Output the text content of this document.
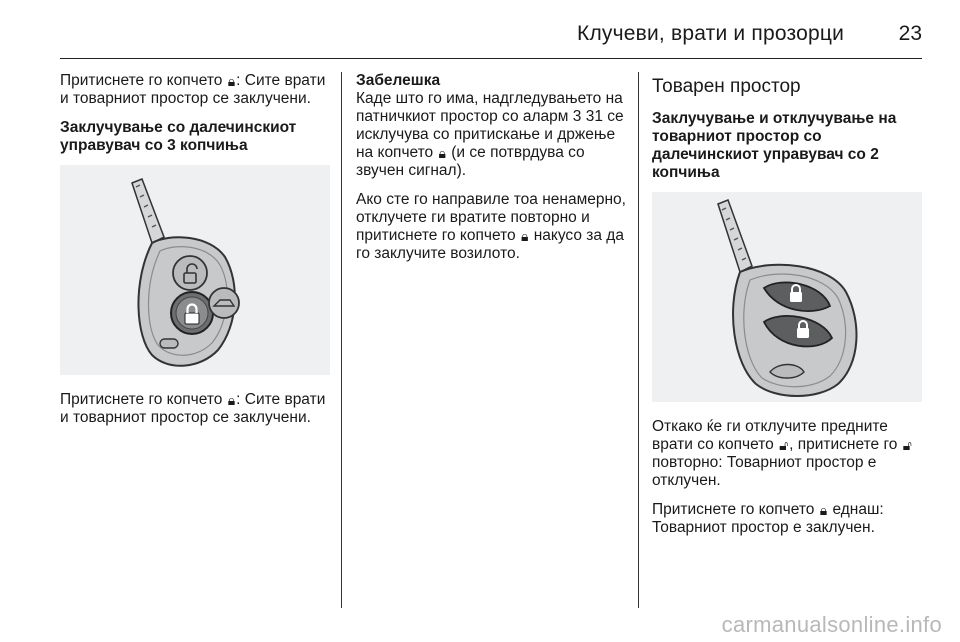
Клучеви, врати и прозорци	23

Притиснете го копчето 🔒︎: Сите врати и товарниот простор се заклучени.

Заклучување со далечинскиот управувач со 3 копчиња

Притиснете го копчето 🔒︎: Сите врати и товарниот простор се заклучени.

Забелешка

Каде што го има, надгледувањето на патничкиот простор со аларм 3 31 се исклучува со притискање и држење на копчето 🔒︎ (и се потврдува со звучен сигнал).

Ако сте го направиле тоа ненамерно, отклучете ги вратите повторно и притиснете го копчето 🔒︎ накусо за да го заклучите возилото.

Товарен простор

Заклучување и отклучување на товарниот простор со далечинскиот управувач со 2 копчиња

Откако ќе ги отклучите предните врати со копчето 🔓︎, притиснете го 🔓︎ повторно: Товарниот простор е отклучен.

Притиснете го копчето 🔒︎ еднаш: Товарниот простор е заклучен.

carmanualsonline.info
